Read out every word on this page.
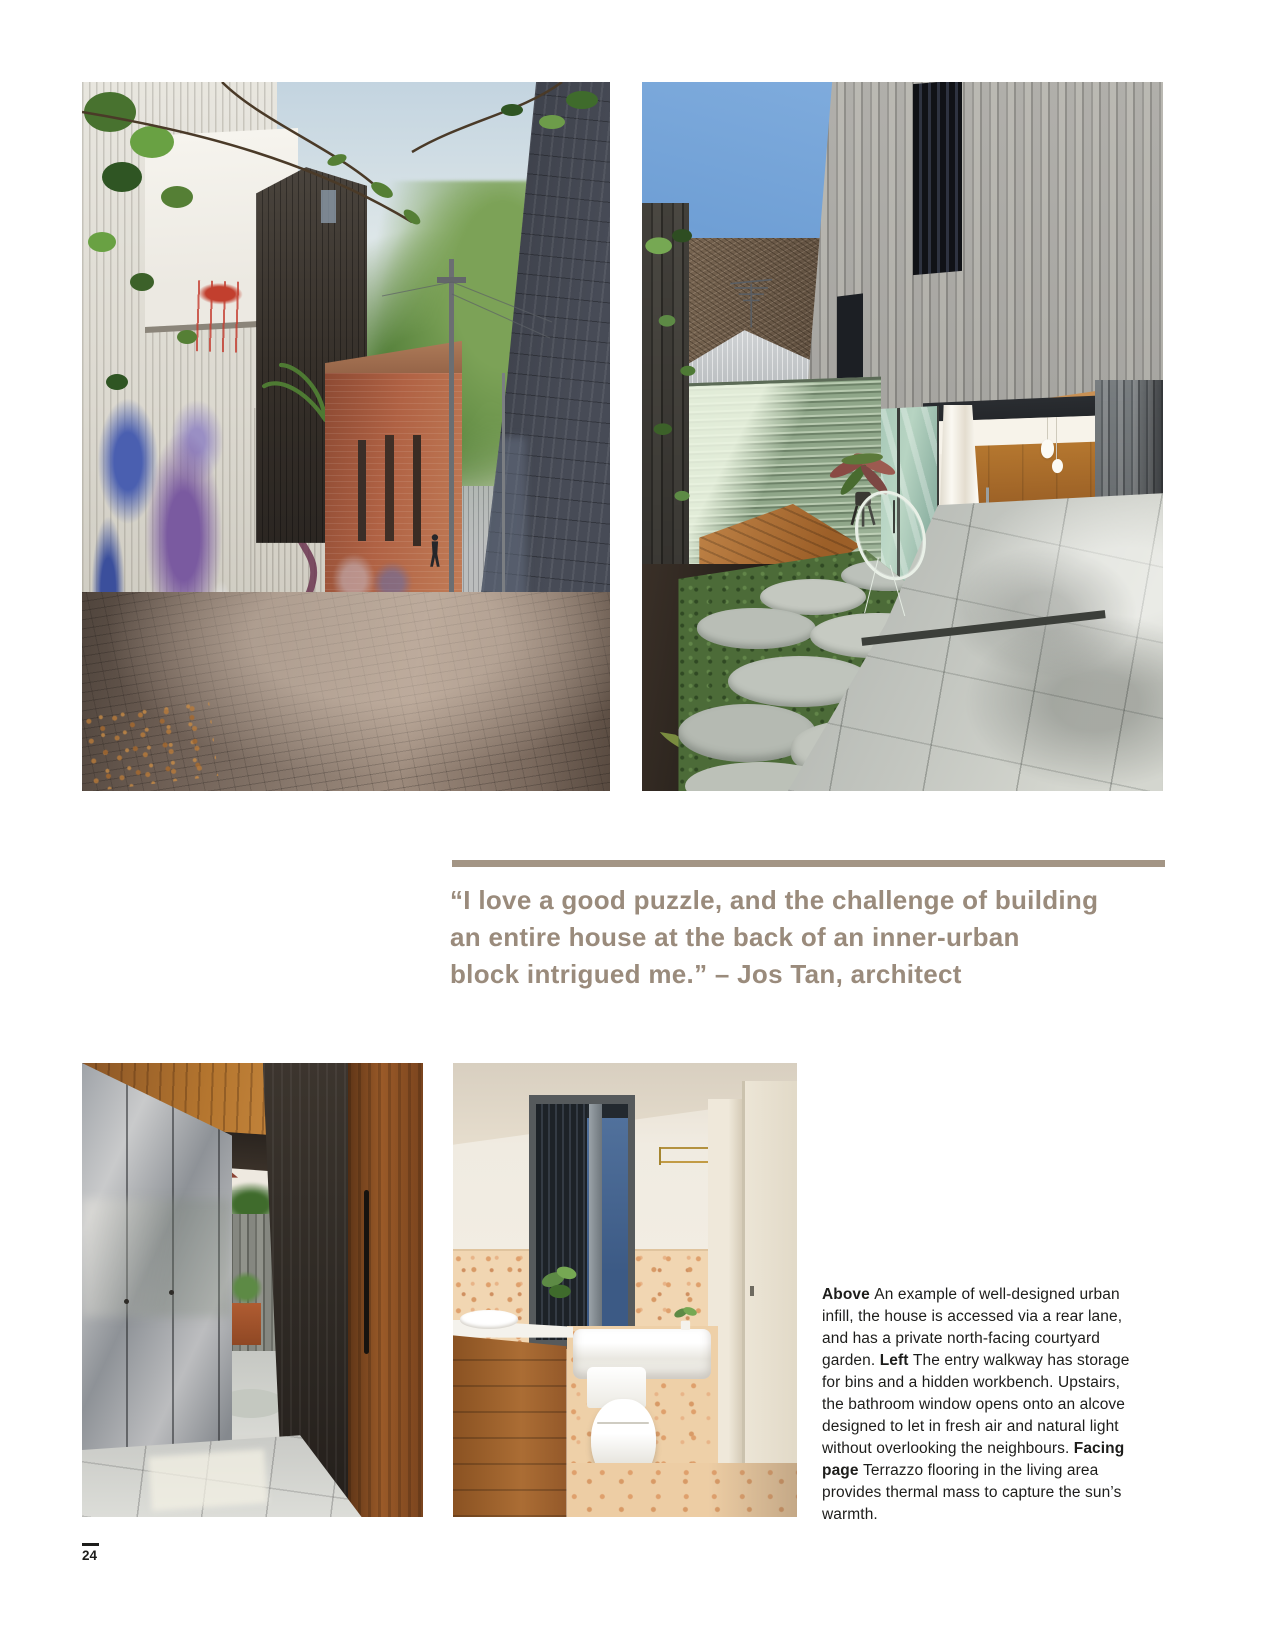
“I love a good puzzle, and the challenge of building
an entire house at the back of an inner-urban
block intrigued me.” – Jos Tan, architect

Above An example of well-designed urban infill, the house is accessed via a rear lane, and has a private north-facing courtyard garden. Left The entry walkway has storage for bins and a hidden workbench. Upstairs, the bathroom window opens onto an alcove designed to let in fresh air and natural light without overlooking the neighbours. Facing page Terrazzo flooring in the living area provides thermal mass to capture the sun’s warmth.

24
